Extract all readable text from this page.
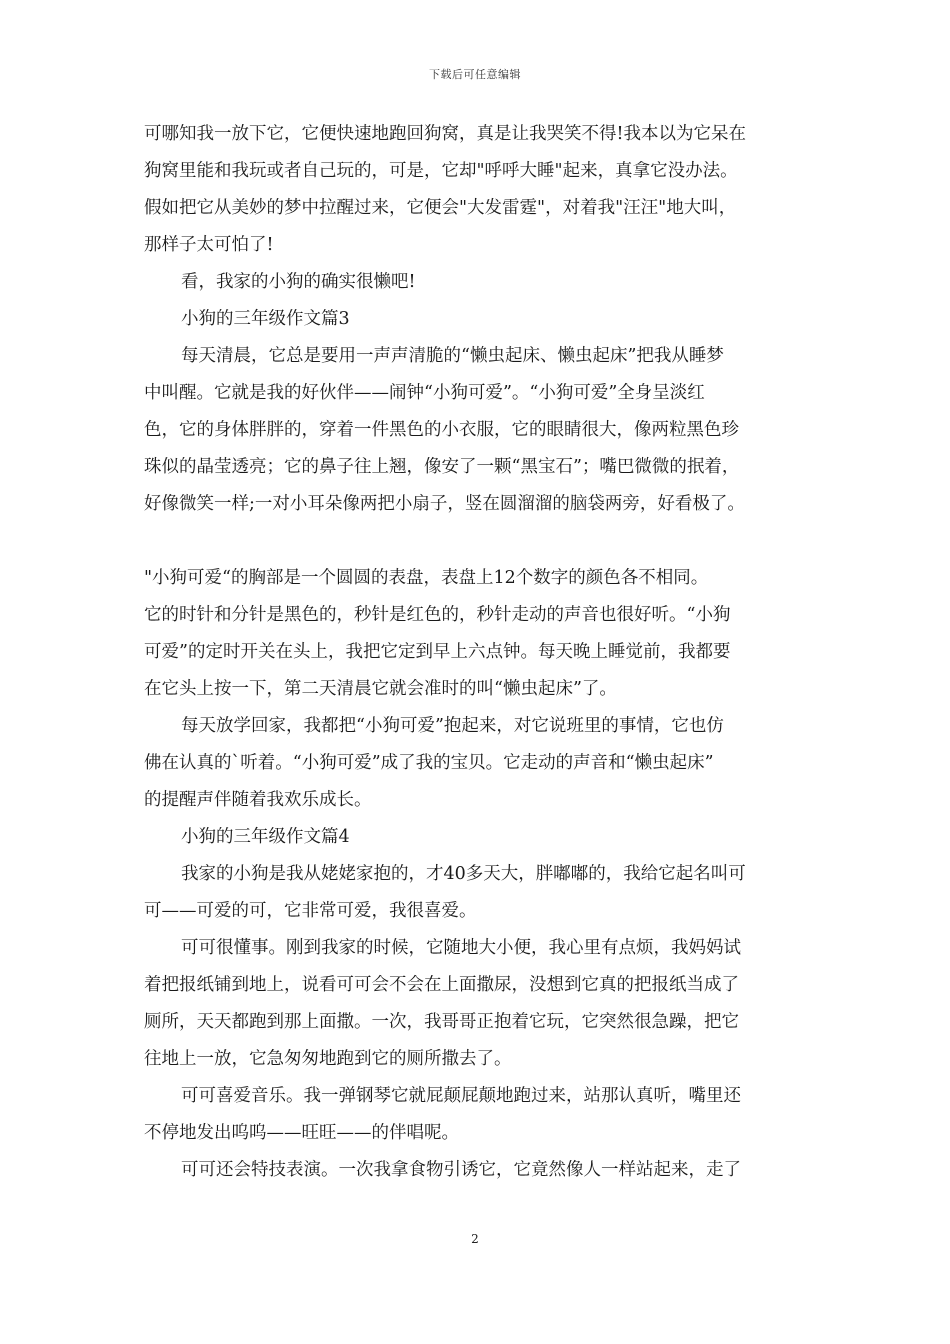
下载后可任意编辑
可哪知我一放下它，它便快速地跑回狗窝，真是让我哭笑不得!我本以为它呆在
狗窝里能和我玩或者自己玩的，可是，它却"呼呼大睡"起来，真拿它没办法。
假如把它从美妙的梦中拉醒过来，它便会"大发雷霆"，对着我"汪汪"地大叫，
那样子太可怕了!
看，我家的小狗的确实很懒吧!
小狗的三年级作文篇3
每天清晨，它总是要用一声声清脆的“懒虫起床、懒虫起床”把我从睡梦
中叫醒。它就是我的好伙伴——闹钟“小狗可爱”。“小狗可爱”全身呈淡红
色，它的身体胖胖的，穿着一件黑色的小衣服，它的眼睛很大，像两粒黑色珍
珠似的晶莹透亮；它的鼻子往上翘，像安了一颗“黑宝石”；嘴巴微微的抿着，
好像微笑一样;一对小耳朵像两把小扇子，竖在圆溜溜的脑袋两旁，好看极了。
"小狗可爱“的胸部是一个圆圆的表盘，表盘上12个数字的颜色各不相同。
它的时针和分针是黑色的，秒针是红色的，秒针走动的声音也很好听。“小狗
可爱”的定时开关在头上，我把它定到早上六点钟。每天晚上睡觉前，我都要
在它头上按一下，第二天清晨它就会准时的叫“懒虫起床”了。
每天放学回家，我都把“小狗可爱”抱起来，对它说班里的事情，它也仿
佛在认真的`听着。“小狗可爱”成了我的宝贝。它走动的声音和“懒虫起床”
的提醒声伴随着我欢乐成长。
小狗的三年级作文篇4
我家的小狗是我从姥姥家抱的，才40多天大，胖嘟嘟的，我给它起名叫可
可——可爱的可，它非常可爱，我很喜爱。
可可很懂事。刚到我家的时候，它随地大小便，我心里有点烦，我妈妈试
着把报纸铺到地上，说看可可会不会在上面撒尿，没想到它真的把报纸当成了
厕所，天天都跑到那上面撒。一次，我哥哥正抱着它玩，它突然很急躁，把它
往地上一放，它急匆匆地跑到它的厕所撒去了。
可可喜爱音乐。我一弹钢琴它就屁颠屁颠地跑过来，站那认真听，嘴里还
不停地发出呜呜——旺旺——的伴唱呢。
可可还会特技表演。一次我拿食物引诱它，它竟然像人一样站起来，走了
2
